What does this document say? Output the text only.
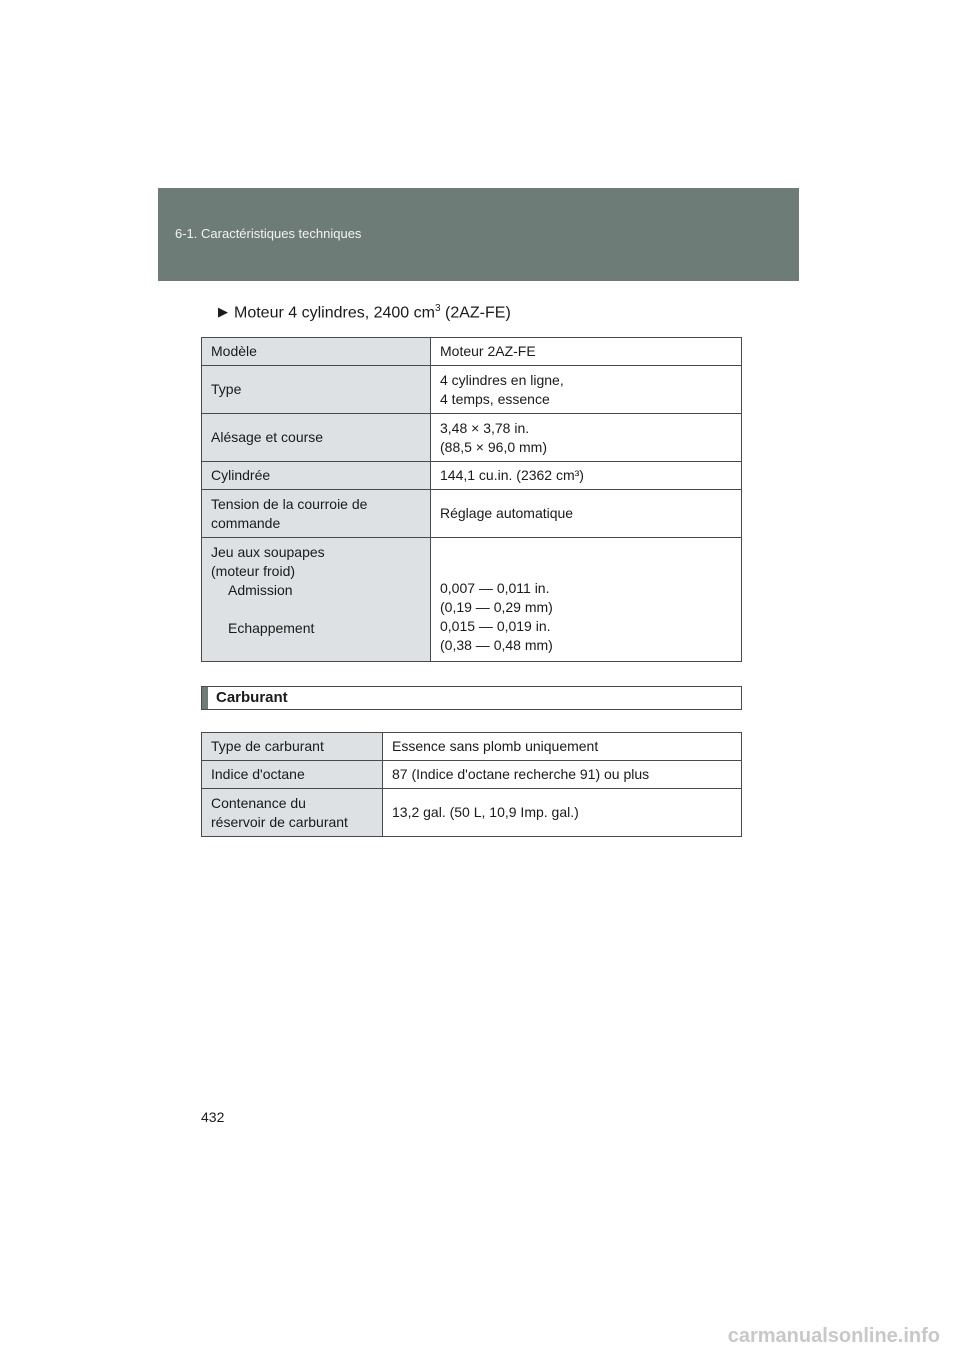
6-1. Caractéristiques techniques
▶ Moteur 4 cylindres, 2400 $cm^3$ (2AZ-FE)
Modèle	Moteur 2AZ-FE
Type	4 cylindres en ligne,
4 temps, essence
Alésage et course	3,48 × 3,78 in.
(88,5 × 96,0 mm)
Cylindrée	144,1 cu.in. (2362 cm³)
Tension de la courroie de
commande	Réglage automatique
Jeu aux soupapes
(moteur froid)

Admission

Echappement	0,007 — 0,011 in.
(0,19 — 0,29 mm)
0,015 — 0,019 in.
(0,38 — 0,48 mm)
Carburant
Type de carburant	Essence sans plomb uniquement
Indice d'octane	87 (Indice d'octane recherche 91) ou plus
Contenance du
réservoir de carburant	13,2 gal. (50 L, 10,9 Imp. gal.)
432
carmanualsonline.info
